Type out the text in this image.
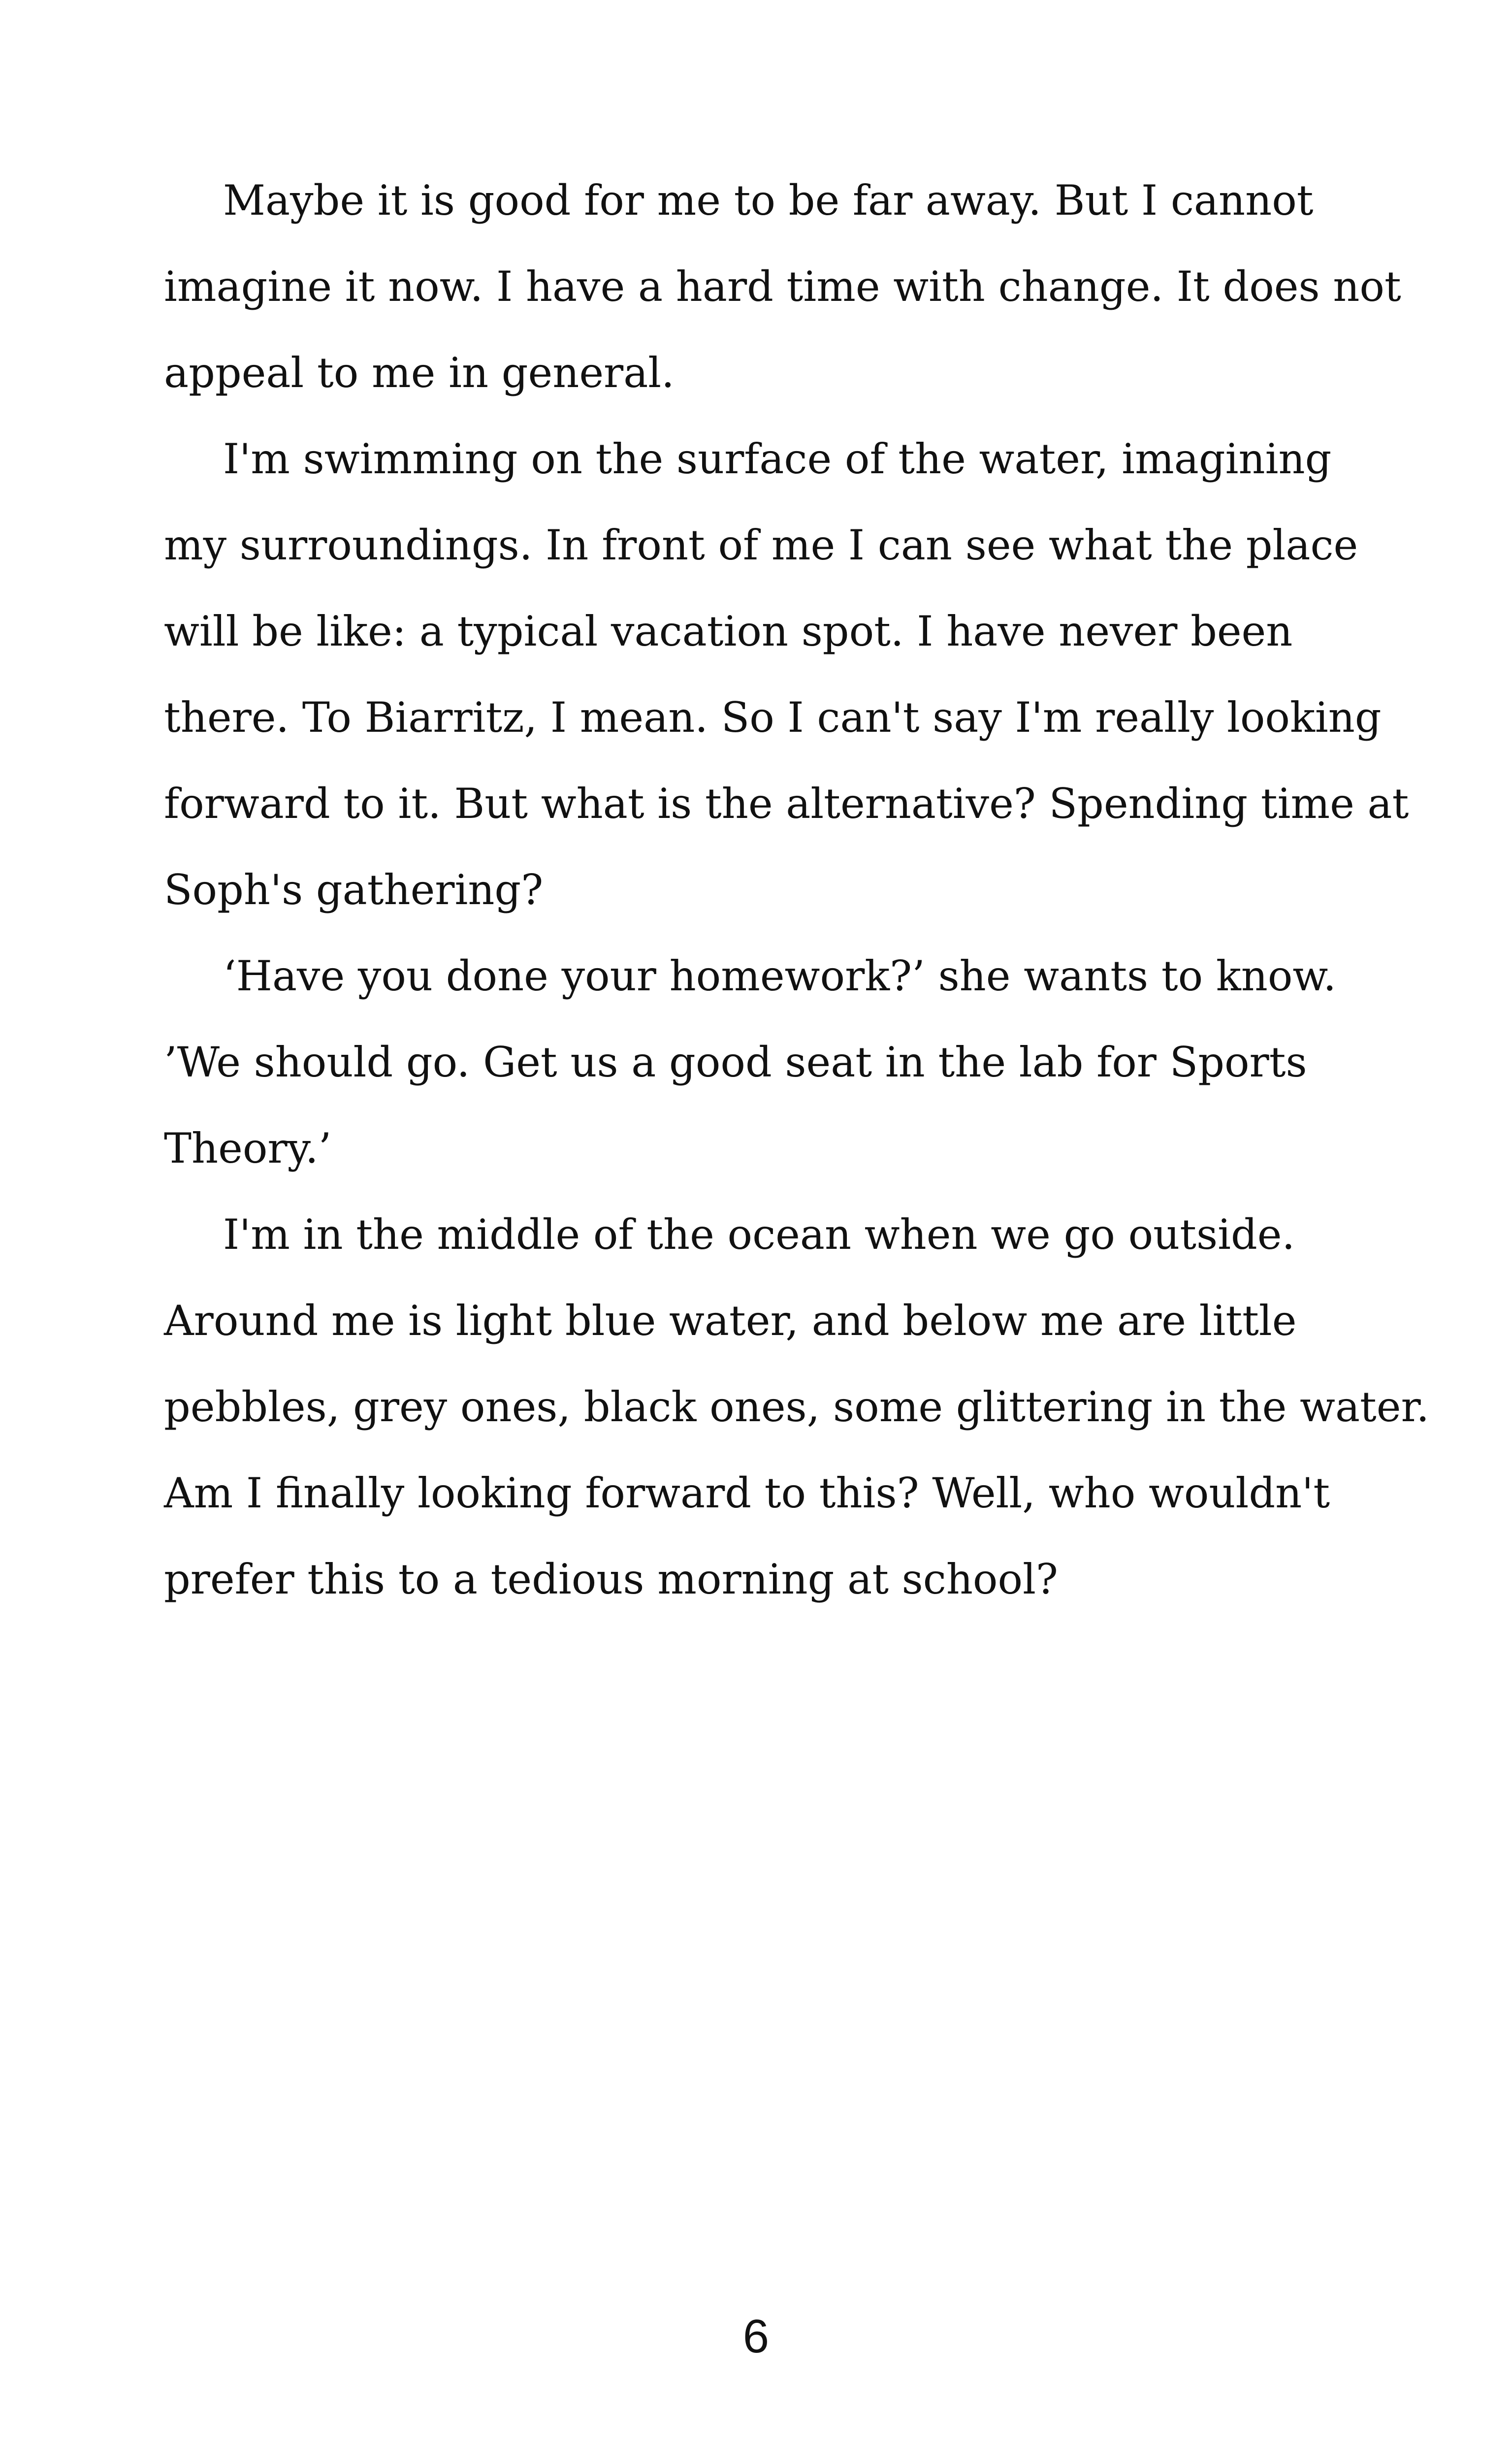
Maybe it is good for me to be far away. But I cannot
imagine it now. I have a hard time with change. It does not
appeal to me in general.
I'm swimming on the surface of the water, imagining
my surroundings. In front of me I can see what the place
will be like: a typical vacation spot. I have never been
there. To Biarritz, I mean. So I can't say I'm really looking
forward to it. But what is the alternative? Spending time at
Soph's gathering?
‘Have you done your homework?’ she wants to know.
’We should go. Get us a good seat in the lab for Sports
Theory.’
I'm in the middle of the ocean when we go outside.
Around me is light blue water, and below me are little
pebbles, grey ones, black ones, some glittering in the water.
Am I finally looking forward to this? Well, who wouldn't
prefer this to a tedious morning at school?
6
